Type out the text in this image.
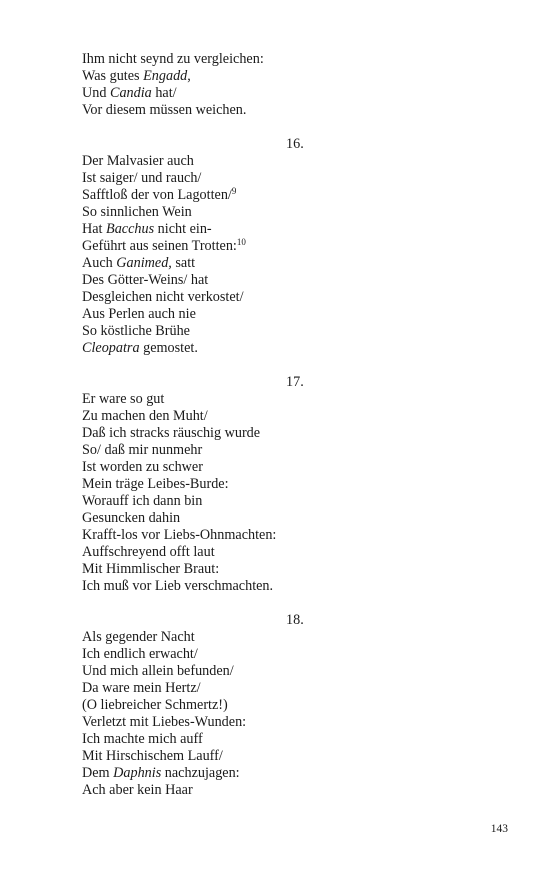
Ihm nicht seynd zu vergleichen:
Was gutes Engadd,
Und Candia hat/
Vor diesem müssen weichen.
16.
Der Malvasier auch
Ist saiger/ und rauch/
Safftloß der von Lagotten/$^9$
So sinnlichen Wein
Hat Bacchus nicht ein-
Geführt aus seinen Trotten:$^{10}$
Auch Ganimed, satt
Des Götter-Weins/ hat
Desgleichen nicht verkostet/
Aus Perlen auch nie
So köstliche Brühe
Cleopatra gemostet.
17.
Er ware so gut
Zu machen den Muht/
Daß ich stracks räuschig wurde
So/ daß mir nunmehr
Ist worden zu schwer
Mein träge Leibes-Burde:
Worauff ich dann bin
Gesuncken dahin
Krafft-los vor Liebs-Ohnmachten:
Auffschreyend offt laut
Mit Himmlischer Braut:
Ich muß vor Lieb verschmachten.
18.
Als gegender Nacht
Ich endlich erwacht/
Und mich allein befunden/
Da ware mein Hertz/
(O liebreicher Schmertz!)
Verletzt mit Liebes-Wunden:
Ich machte mich auff
Mit Hirschischem Lauff/
Dem Daphnis nachzujagen:
Ach aber kein Haar
143
